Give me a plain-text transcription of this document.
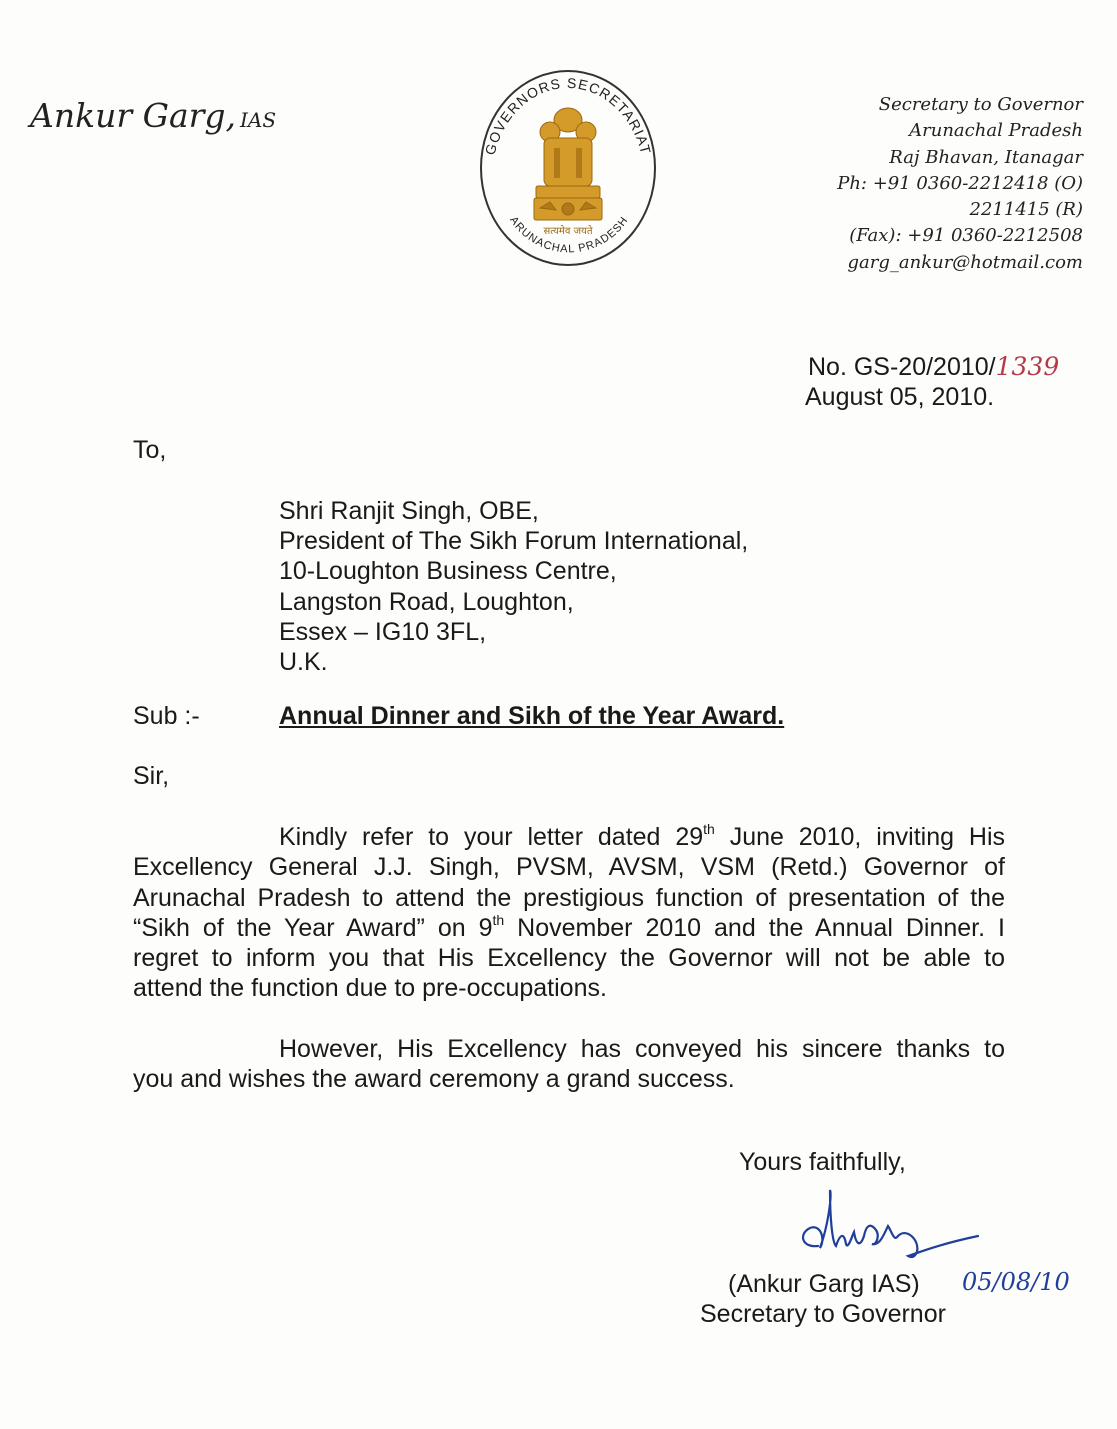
Ankur Garg, IAS
GOVERNORS SECRETARIAT
ARUNACHAL PRADESH
सत्यमेव जयते
Secretary to Governor
Arunachal Pradesh
Raj Bhavan, Itanagar
Ph: +91 0360-2212418 (O)
2211415 (R)
(Fax): +91 0360-2212508
garg_ankur@hotmail.com
No. GS-20/2010/1339
August 05, 2010.
To,
Shri Ranjit Singh, OBE,
President of The Sikh Forum International,
10-Loughton Business Centre,
Langston Road, Loughton,
Essex – IG10 3FL,
U.K.
Sub :-	Annual Dinner and Sikh of the Year Award.
Sir,
Kindly refer to your letter dated 29th June 2010, inviting His
Excellency General J.J. Singh, PVSM, AVSM, VSM (Retd.) Governor of
Arunachal Pradesh to attend the prestigious function of presentation of the
“Sikh of the Year Award” on 9th November 2010 and the Annual Dinner. I
regret to inform you that His Excellency the Governor will not be able to
attend the function due to pre-occupations.
However, His Excellency has conveyed his sincere thanks to
you and wishes the award ceremony a grand success.
Yours faithfully,
(Ankur Garg IAS) 05/08/10
Secretary to Governor
